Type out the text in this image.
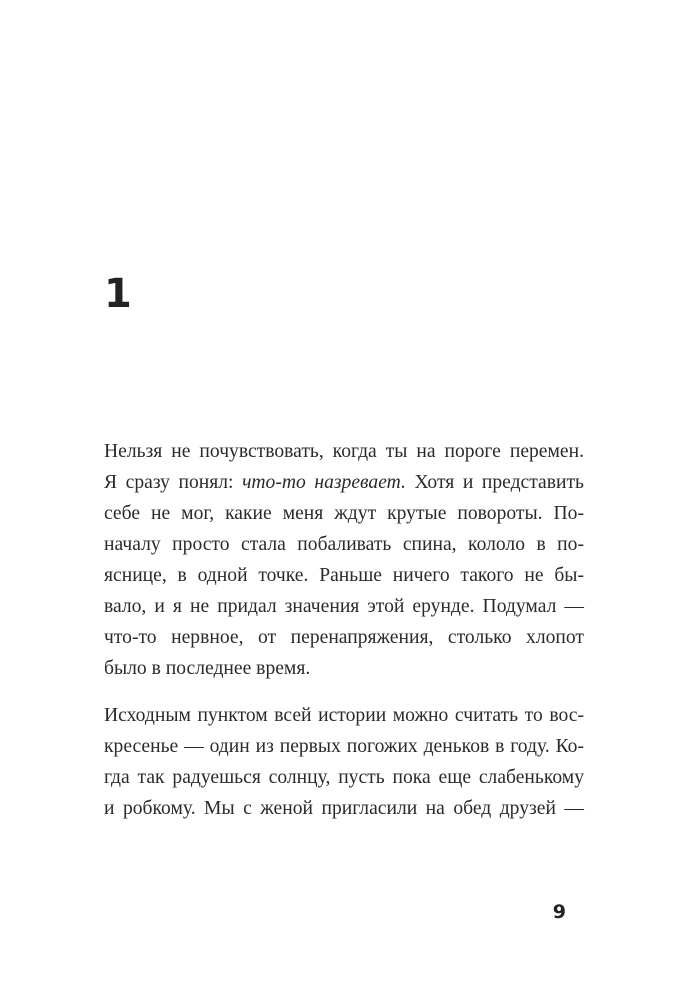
1
Нельзя не почувствовать, когда ты на пороге перемен.
Я сразу понял: что-то назревает. Хотя и представить
себе не мог, какие меня ждут крутые повороты. По-
началу просто стала побаливать спина, кололо в по-
яснице, в одной точке. Раньше ничего такого не бы-
вало, и я не придал значения этой ерунде. Подумал —
что-то нервное, от перенапряжения, столько хлопот
было в последнее время.
Исходным пунктом всей истории можно считать то вос-
кресенье — один из первых погожих деньков в году. Ко-
гда так радуешься солнцу, пусть пока еще слабенькому
и робкому. Мы с женой пригласили на обед друзей —
9
